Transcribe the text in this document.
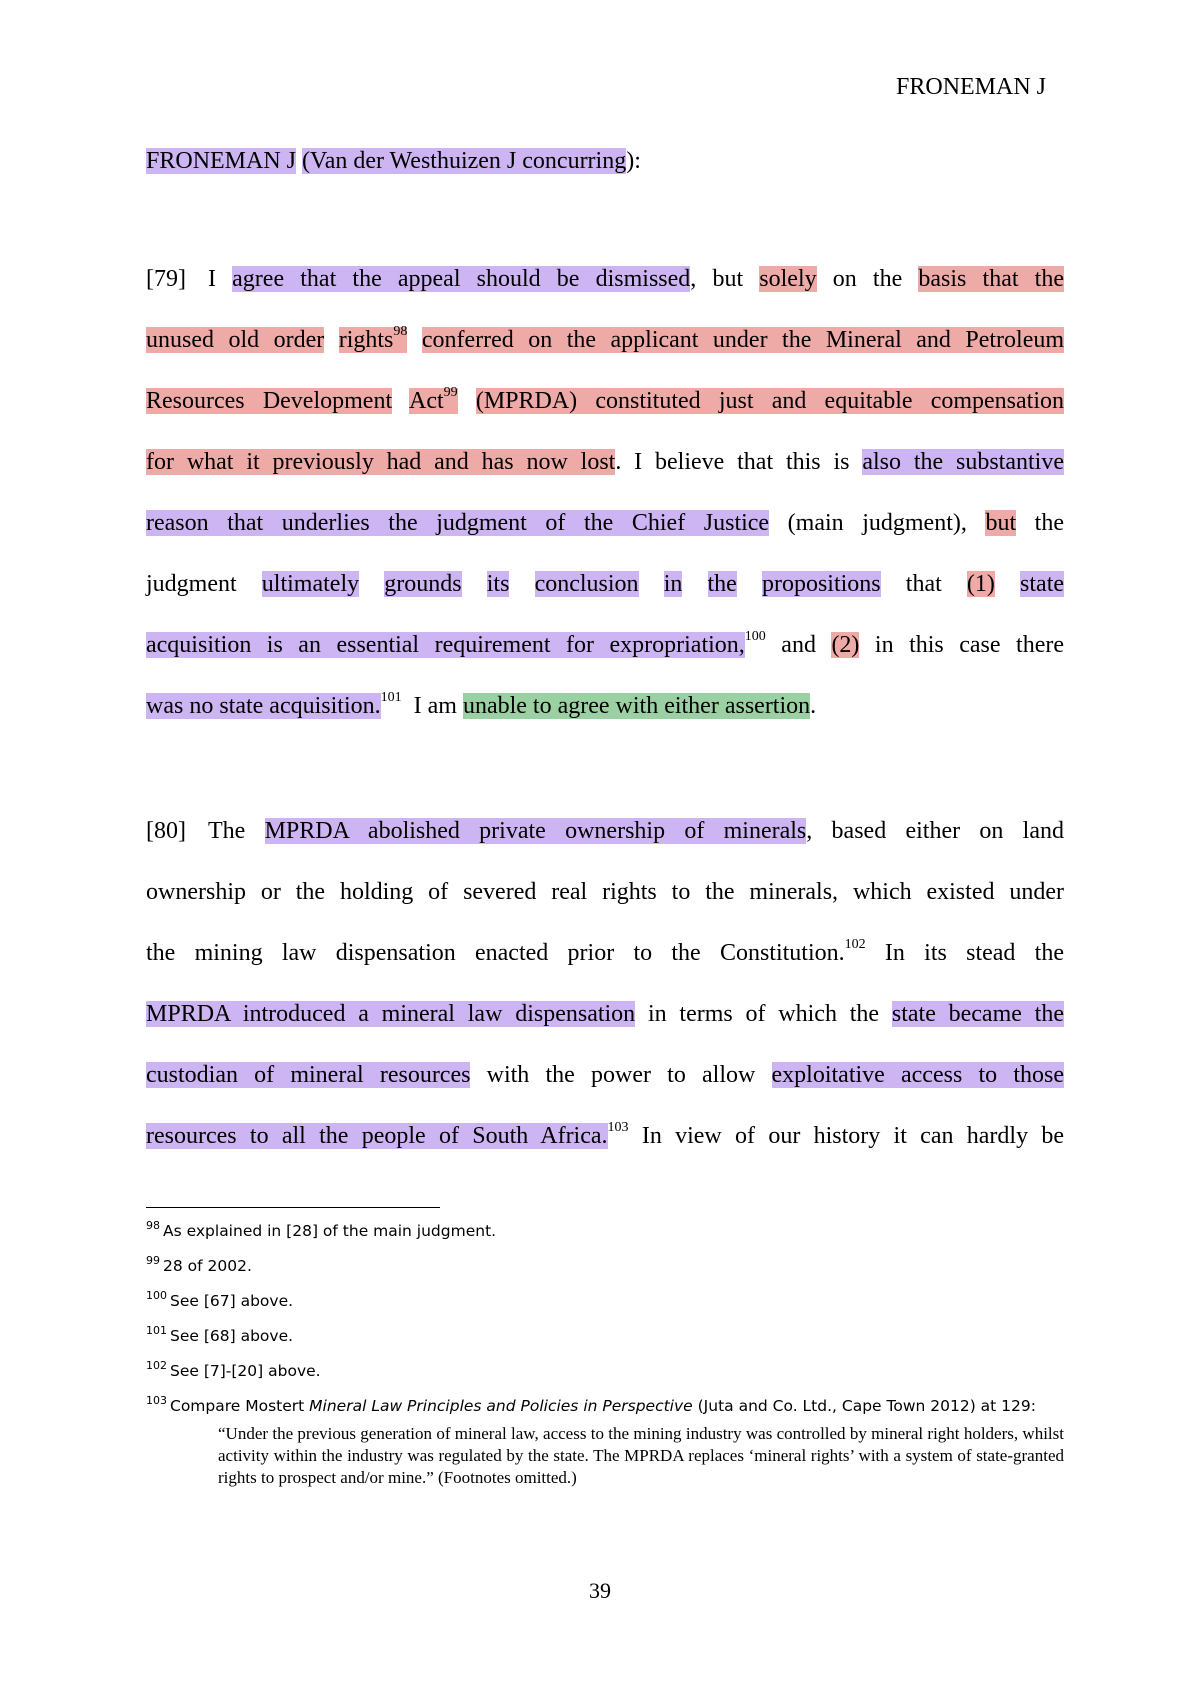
FRONEMAN J
FRONEMAN J (Van der Westhuizen J concurring):
[79] I agree that the appeal should be dismissed, but solely on the basis that the
unused old order rights$^{98}$ conferred on the applicant under the Mineral and Petroleum
Resources Development Act$^{99}$ (MPRDA) constituted just and equitable compensation
for what it previously had and has now lost. I believe that this is also the substantive
reason that underlies the judgment of the Chief Justice (main judgment), but the
judgment ultimately grounds its conclusion in the propositions that (1) state
acquisition is an essential requirement for expropriation,$^{100}$ and (2) in this case there
was no state acquisition.$^{101}$  I am unable to agree with either assertion.
[80] The MPRDA abolished private ownership of minerals, based either on land
ownership or the holding of severed real rights to the minerals, which existed under
the mining law dispensation enacted prior to the Constitution.$^{102}$ In its stead the
MPRDA introduced a mineral law dispensation in terms of which the state became the
custodian of mineral resources with the power to allow exploitative access to those
resources to all the people of South Africa.$^{103}$ In view of our history it can hardly be
$^{98}$ As explained in [28] of the main judgment.
$^{99}$ 28 of 2002.
$^{100}$ See [67] above.
$^{101}$ See [68] above.
$^{102}$ See [7]-[20] above.
$^{103}$ Compare Mostert Mineral Law Principles and Policies in Perspective (Juta and Co. Ltd., Cape Town 2012) at 129:
“Under the previous generation of mineral law, access to the mining industry was controlled by mineral right holders, whilst activity within the industry was regulated by the state. The MPRDA replaces ‘mineral rights’ with a system of state-granted rights to prospect and/or mine.” (Footnotes omitted.)
39
